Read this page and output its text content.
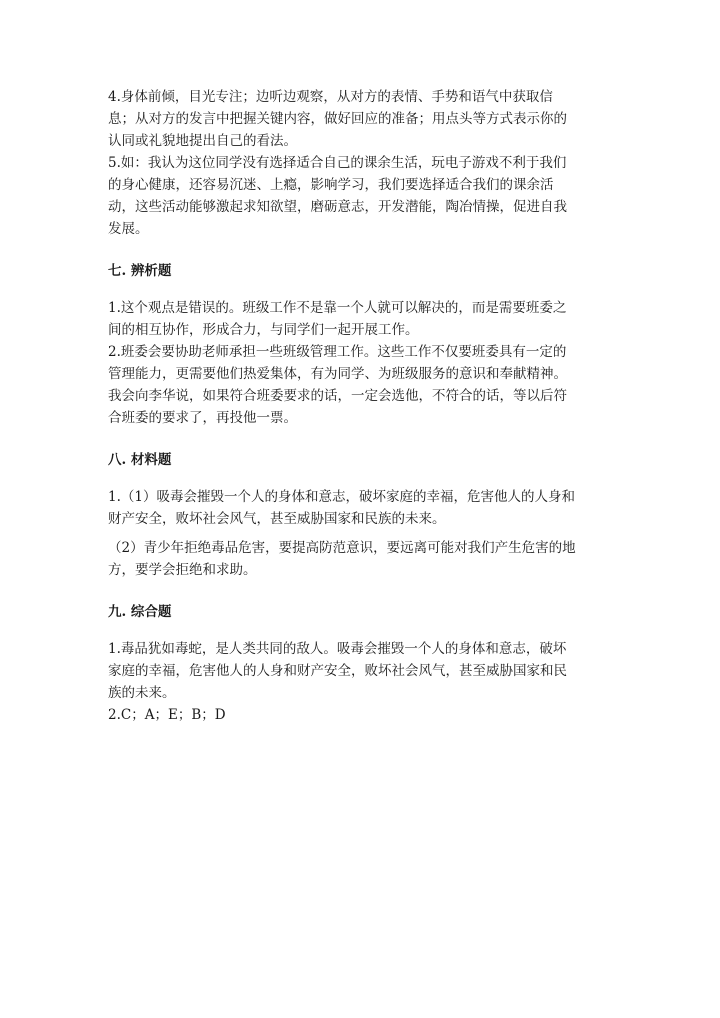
4.身体前倾，目光专注；边听边观察，从对方的表情、手势和语气中获取信
息；从对方的发言中把握关键内容，做好回应的准备；用点头等方式表示你的
认同或礼貌地提出自己的看法。
5.如：我认为这位同学没有选择适合自己的课余生活，玩电子游戏不利于我们
的身心健康，还容易沉迷、上瘾，影响学习，我们要选择适合我们的课余活
动，这些活动能够激起求知欲望，磨砺意志，开发潜能，陶冶情操，促进自我
发展。
七. 辨析题
1.这个观点是错误的。班级工作不是靠一个人就可以解决的，而是需要班委之
间的相互协作，形成合力，与同学们一起开展工作。
2.班委会要协助老师承担一些班级管理工作。这些工作不仅要班委具有一定的
管理能力，更需要他们热爱集体，有为同学、为班级服务的意识和奉献精神。
我会向李华说，如果符合班委要求的话，一定会选他，不符合的话，等以后符
合班委的要求了，再投他一票。
八. 材料题
1.（1）吸毒会摧毁一个人的身体和意志，破坏家庭的幸福，危害他人的人身和
财产安全，败坏社会风气，甚至威胁国家和民族的未来。
（2）青少年拒绝毒品危害，要提高防范意识，要远离可能对我们产生危害的地
方，要学会拒绝和求助。
九. 综合题
1.毒品犹如毒蛇，是人类共同的敌人。吸毒会摧毁一个人的身体和意志，破坏
家庭的幸福，危害他人的人身和财产安全，败坏社会风气，甚至威胁国家和民
族的未来。
2.C；A；E；B；D
